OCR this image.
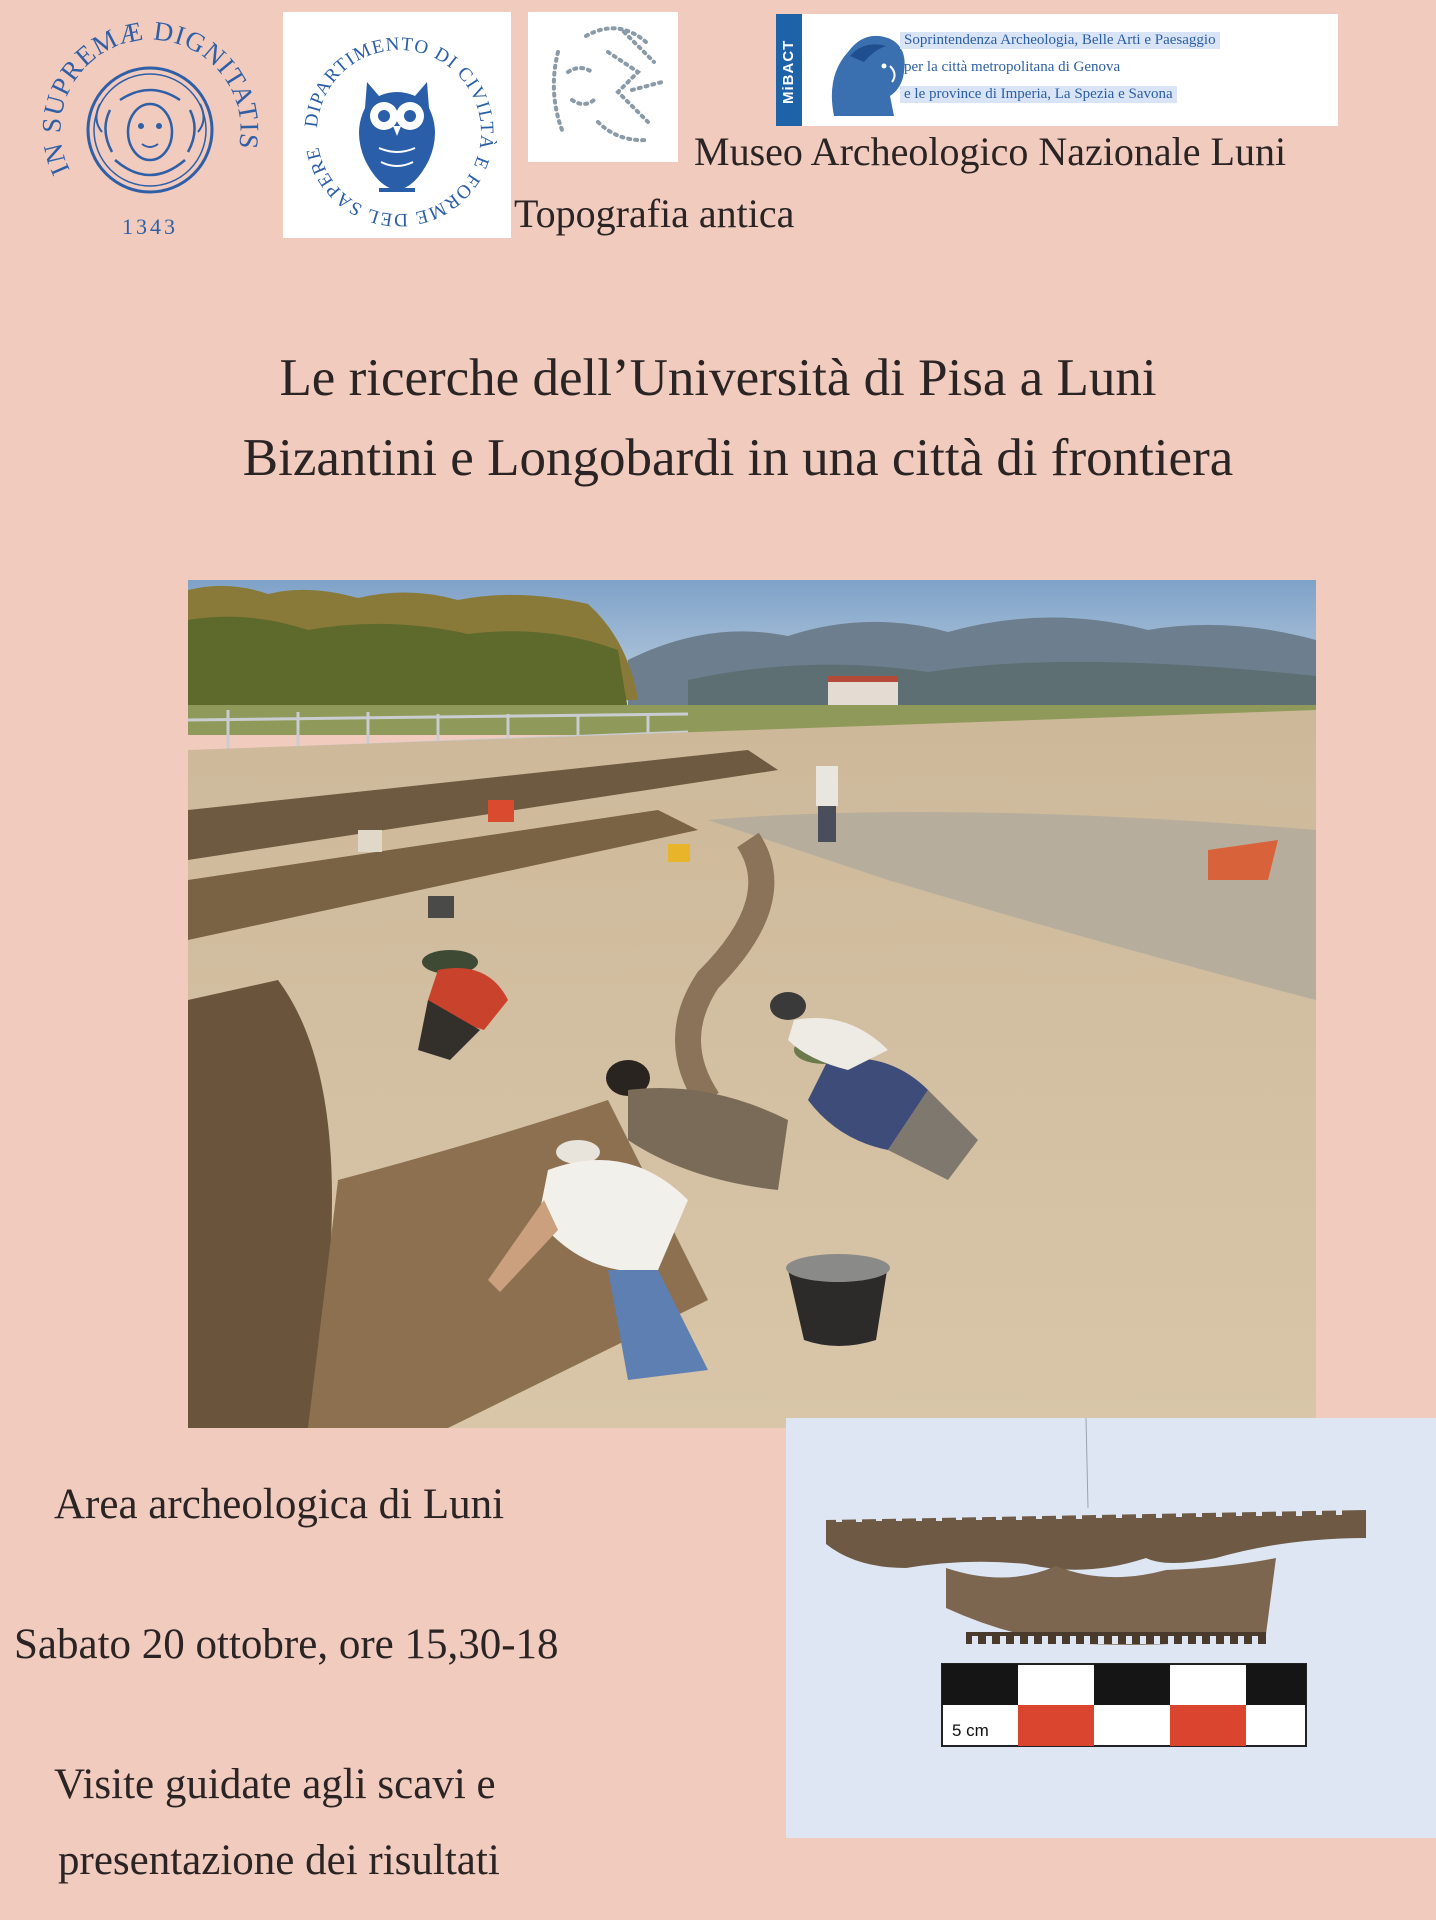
IN UPREMÆ DIGNITA
1343
DIPARTIMENTO DI CIVILTÀ E FORME DEL SAPERE
MiBACT	Soprintendenza Archeologia, Belle Arti e Paesaggio
per la città metropolitana di Genova
e le province di Imperia, La Spezia e Savona
Museo Archeologico Nazionale Luni
Topografia antica
Le ricerche dell’Università di Pisa a Luni
Bizantini e Longobardi in una città di frontiera
5 cm
Area archeologica di Luni
Sabato 20 ottobre, ore 15,30-18
Visite guidate agli scavi e
presentazione dei risultati
